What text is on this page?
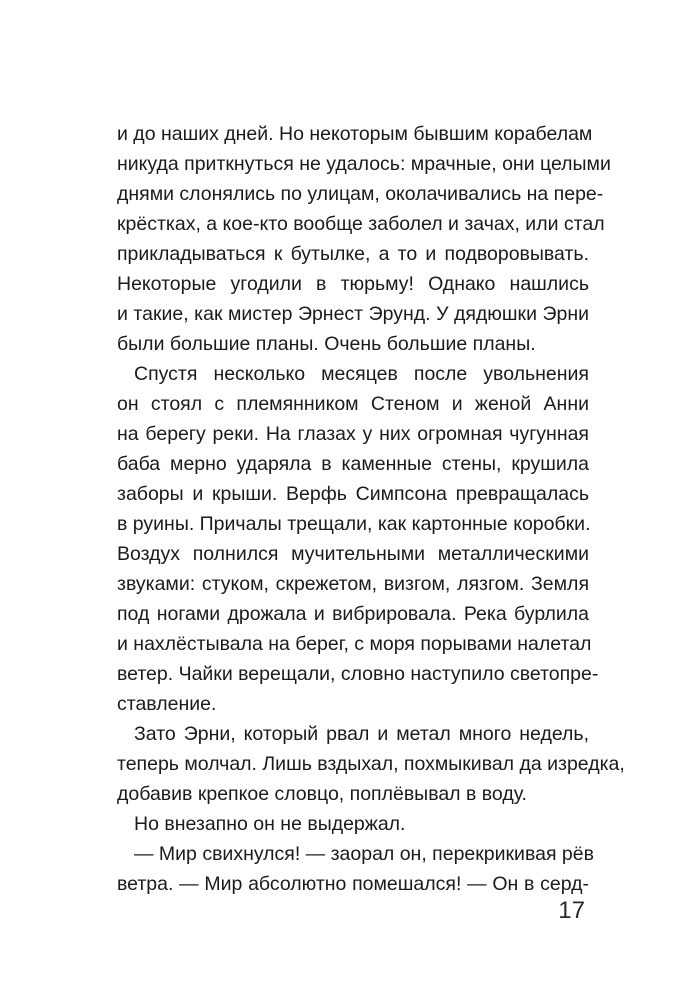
и до наших дней. Но некоторым бывшим корабелам
никуда приткнуться не удалось: мрачные, они целыми
днями слонялись по улицам, околачивались на пере-
крёстках, а кое-кто вообще заболел и зачах, или стал
прикладываться к бутылке, а то и подворовывать.
Некоторые угодили в тюрьму! Однако нашлись
и такие, как мистер Эрнест Эрунд. У дядюшки Эрни
были большие планы. Очень большие планы.
Спустя несколько месяцев после увольнения
он стоял с племянником Стеном и женой Анни
на берегу реки. На глазах у них огромная чугунная
баба мерно ударяла в каменные стены, крушила
заборы и крыши. Верфь Симпсона превращалась
в руины. Причалы трещали, как картонные коробки.
Воздух полнился мучительными металлическими
звуками: стуком, скрежетом, визгом, лязгом. Земля
под ногами дрожала и вибрировала. Река бурлила
и нахлёстывала на берег, с моря порывами налетал
ветер. Чайки верещали, словно наступило светопре-
ставление.
Зато Эрни, который рвал и метал много недель,
теперь молчал. Лишь вздыхал, похмыкивал да изредка,
добавив крепкое словцо, поплёвывал в воду.
Но внезапно он не выдержал.
— Мир свихнулся! — заорал он, перекрикивая рёв
ветра. — Мир абсолютно помешался! — Он в серд-
17
